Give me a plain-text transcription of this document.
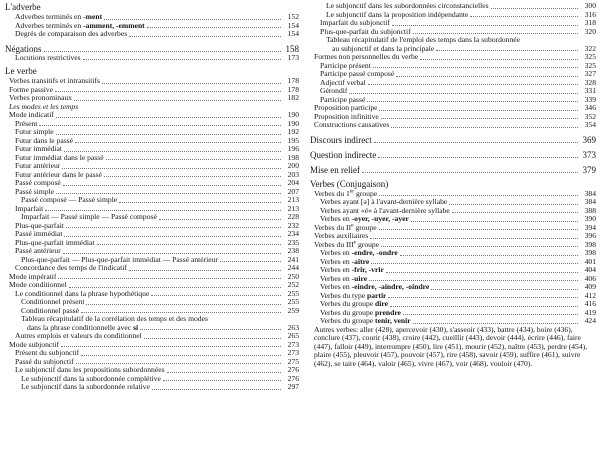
L'adverbe
Adverbes terminés en -ment	152
Adverbes terminés en -amment, -emment	154
Degrés de comparaison des adverbes	154
Négations	158
Locutions restrictives	173
Le verbe
Verbes transitifs et intransitifs	178
Forme passive	178
Verbes pronominaux	182
Les modes et les temps
Mode indicatif	190
Présent	190
Futur simple	192
Futur dans le passé	195
Futur immédiat	196
Futur immédiat dans le passé	198
Futur antérieur	200
Futur antérieur dans le passé	203
Passé composé	204
Passé simple	207
Passé composé — Passé simple	213
Imparfait	213
Imparfait — Passé simple — Passé composé	228
Plus-que-parfait	232
Passé immédiat	234
Plus-que-parfait immédiat	235
Passé antérieur	238
Plus-que-parfait — Plus-que-parfait immédiat — Passé antérieur	241
Concordance des temps de l'indicatif	244
Mode impératif	250
Mode conditionnel	252
Le conditionnel dans la phrase hypothétique	255
Conditionnel présent	255
Conditionnel passé	259
Tableau récapitulatif de la corrélation des temps et des modes
dans la phrase conditionnelle avec si	263
Autres emplois et valeurs du conditionnel	265
Mode subjonctif	273
Présent du subjonctif	273
Passé du subjonctif	275
Le subjonctif dans les propositions subordonnées	276
Le subjonctif dans la subordonnée complétive	276
Le subjonctif dans la subordonnée relative	297
Le subjonctif dans les subordonnées circonstancielles	300
Le subjonctif dans la proposition indépendante	316
Imparfait du subjonctif	318
Plus-que-parfait du subjonctif	320
Tableau récapitulatif de l'emploi des temps dans la subordonnée
au subjonctif et dans la principale	322
Formes non personnelles du verbe	325
Participe présent	325
Participe passé composé	327
Adjectif verbal	328
Gérondif	331
Participe passé	339
Proposition participe	346
Proposition infinitive	352
Constructions causatives	354
Discours indirect	369
Question indirecte	373
Mise en relief	379
Verbes (Conjugaison)
Verbes du 1er groupe	384
Verbes ayant [ə] à l'avant-dernière syllabe	384
Verbes ayant «é» à l'avant-dernière syllabe	388
Verbes en -oyer, -uyer, -ayer	390
Verbes du IIe groupe	394
Verbes auxiliaires	396
Verbes du IIIe groupe	398
Verbes en -endre, -ondre	398
Verbes en -aître	401
Verbes en -frir, -vrir	404
Verbes en -uire	406
Verbes en -eindre, -aindre, -oindre	409
Verbes du type partir	412
Verbes du groupe dire	416
Verbes du groupe prendre	419
Verbes du groupe tenir, venir	424
Autres verbes: aller (428), apercevoir (430), s'asseoir (433), battre (434), boire (436), conclure (437), courir (438), croire (442), cueillir (443), devoir (444), écrire (446), faire (447), falloir (449), interrompre (450), lire (451), mourir (452), naître (453), perdre (454), plaire (455), pleuvoir (457), pouvoir (457), rire (458), savoir (459), suffire (461), suivre (462), se taire (464), valoir (465), vivre (467), voir (468), vouloir (470).
